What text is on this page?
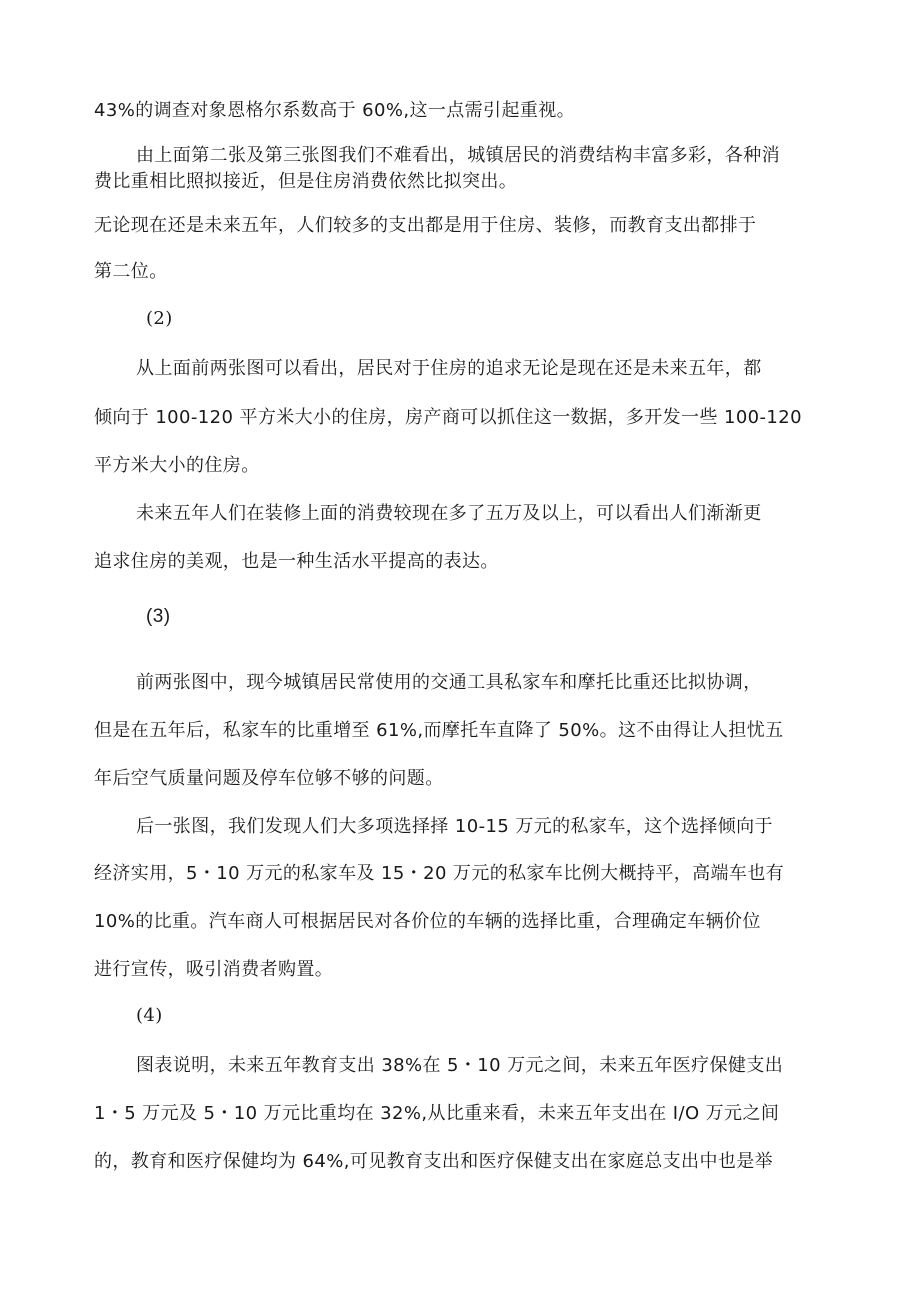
43%的调查对象恩格尔系数高于 60%,这一点需引起重视。

由上面第二张及第三张图我们不难看出，城镇居民的消费结构丰富多彩，各种消

费比重相比照拟接近，但是住房消费依然比拟突出。

无论现在还是未来五年，人们较多的支出都是用于住房、装修，而教育支出都排于

第二位。

(2)

从上面前两张图可以看出，居民对于住房的追求无论是现在还是未来五年，都

倾向于 100-120 平方米大小的住房，房产商可以抓住这一数据，多开发一些 100-120

平方米大小的住房。

未来五年人们在装修上面的消费较现在多了五万及以上，可以看出人们渐渐更

追求住房的美观，也是一种生活水平提高的表达。

(3)

前两张图中，现今城镇居民常使用的交通工具私家车和摩托比重还比拟协调，

但是在五年后，私家车的比重增至 61%,而摩托车直降了 50%。这不由得让人担忧五

年后空气质量问题及停车位够不够的问题。

后一张图，我们发现人们大多项选择择 10-15 万元的私家车，这个选择倾向于

经济实用，5・10 万元的私家车及 15・20 万元的私家车比例大概持平，高端车也有

10%的比重。汽车商人可根据居民对各价位的车辆的选择比重，合理确定车辆价位

进行宣传，吸引消费者购置。

(4)

图表说明，未来五年教育支出 38%在 5・10 万元之间，未来五年医疗保健支出

1・5 万元及 5・10 万元比重均在 32%,从比重来看，未来五年支出在 I/O 万元之间

的，教育和医疗保健均为 64%,可见教育支出和医疗保健支出在家庭总支出中也是举
